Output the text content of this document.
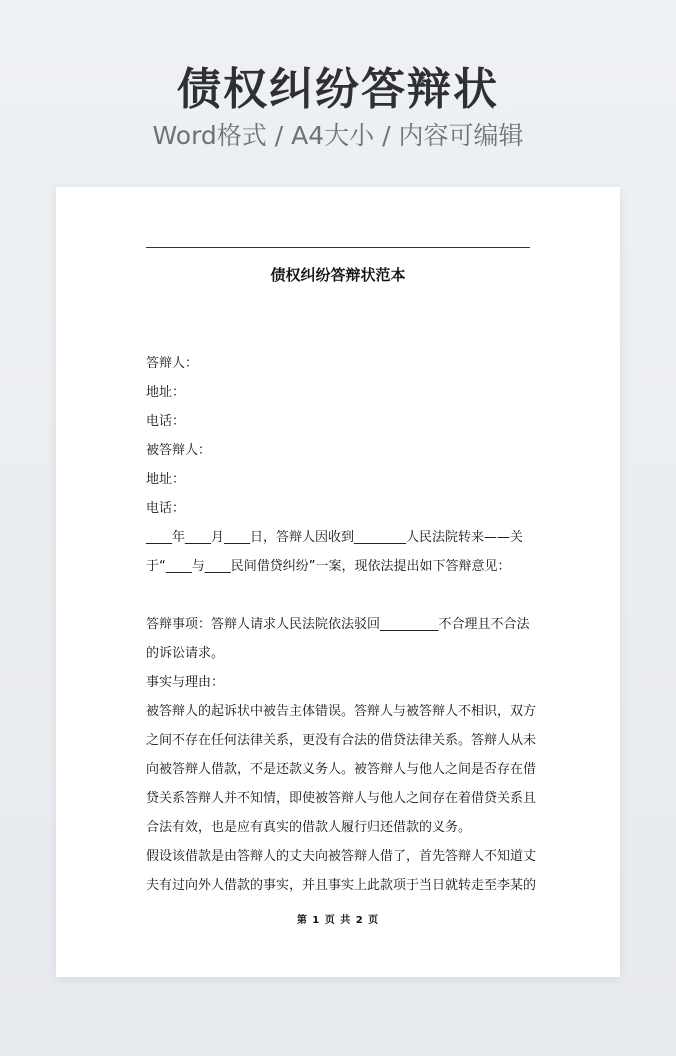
债权纠纷答辩状
Word格式 / A4大小 / 内容可编辑
债权纠纷答辩状范本
答辩人：
地址：
电话：
被答辩人：
地址：
电话：
____年____月____日，答辩人因收到________人民法院转来——关
于“____与____民间借贷纠纷”一案，现依法提出如下答辩意见：
答辩事项：答辩人请求人民法院依法驳回_________不合理且不合法
的诉讼请求。
事实与理由：
被答辩人的起诉状中被告主体错误。答辩人与被答辩人不相识，双方
之间不存在任何法律关系，更没有合法的借贷法律关系。答辩人从未
向被答辩人借款，不是还款义务人。被答辩人与他人之间是否存在借
贷关系答辩人并不知情，即使被答辩人与他人之间存在着借贷关系且
合法有效，也是应有真实的借款人履行归还借款的义务。
假设该借款是由答辩人的丈夫向被答辩人借了，首先答辩人不知道丈
夫有过向外人借款的事实，并且事实上此款项于当日就转走至李某的
第 1 页 共 2 页
